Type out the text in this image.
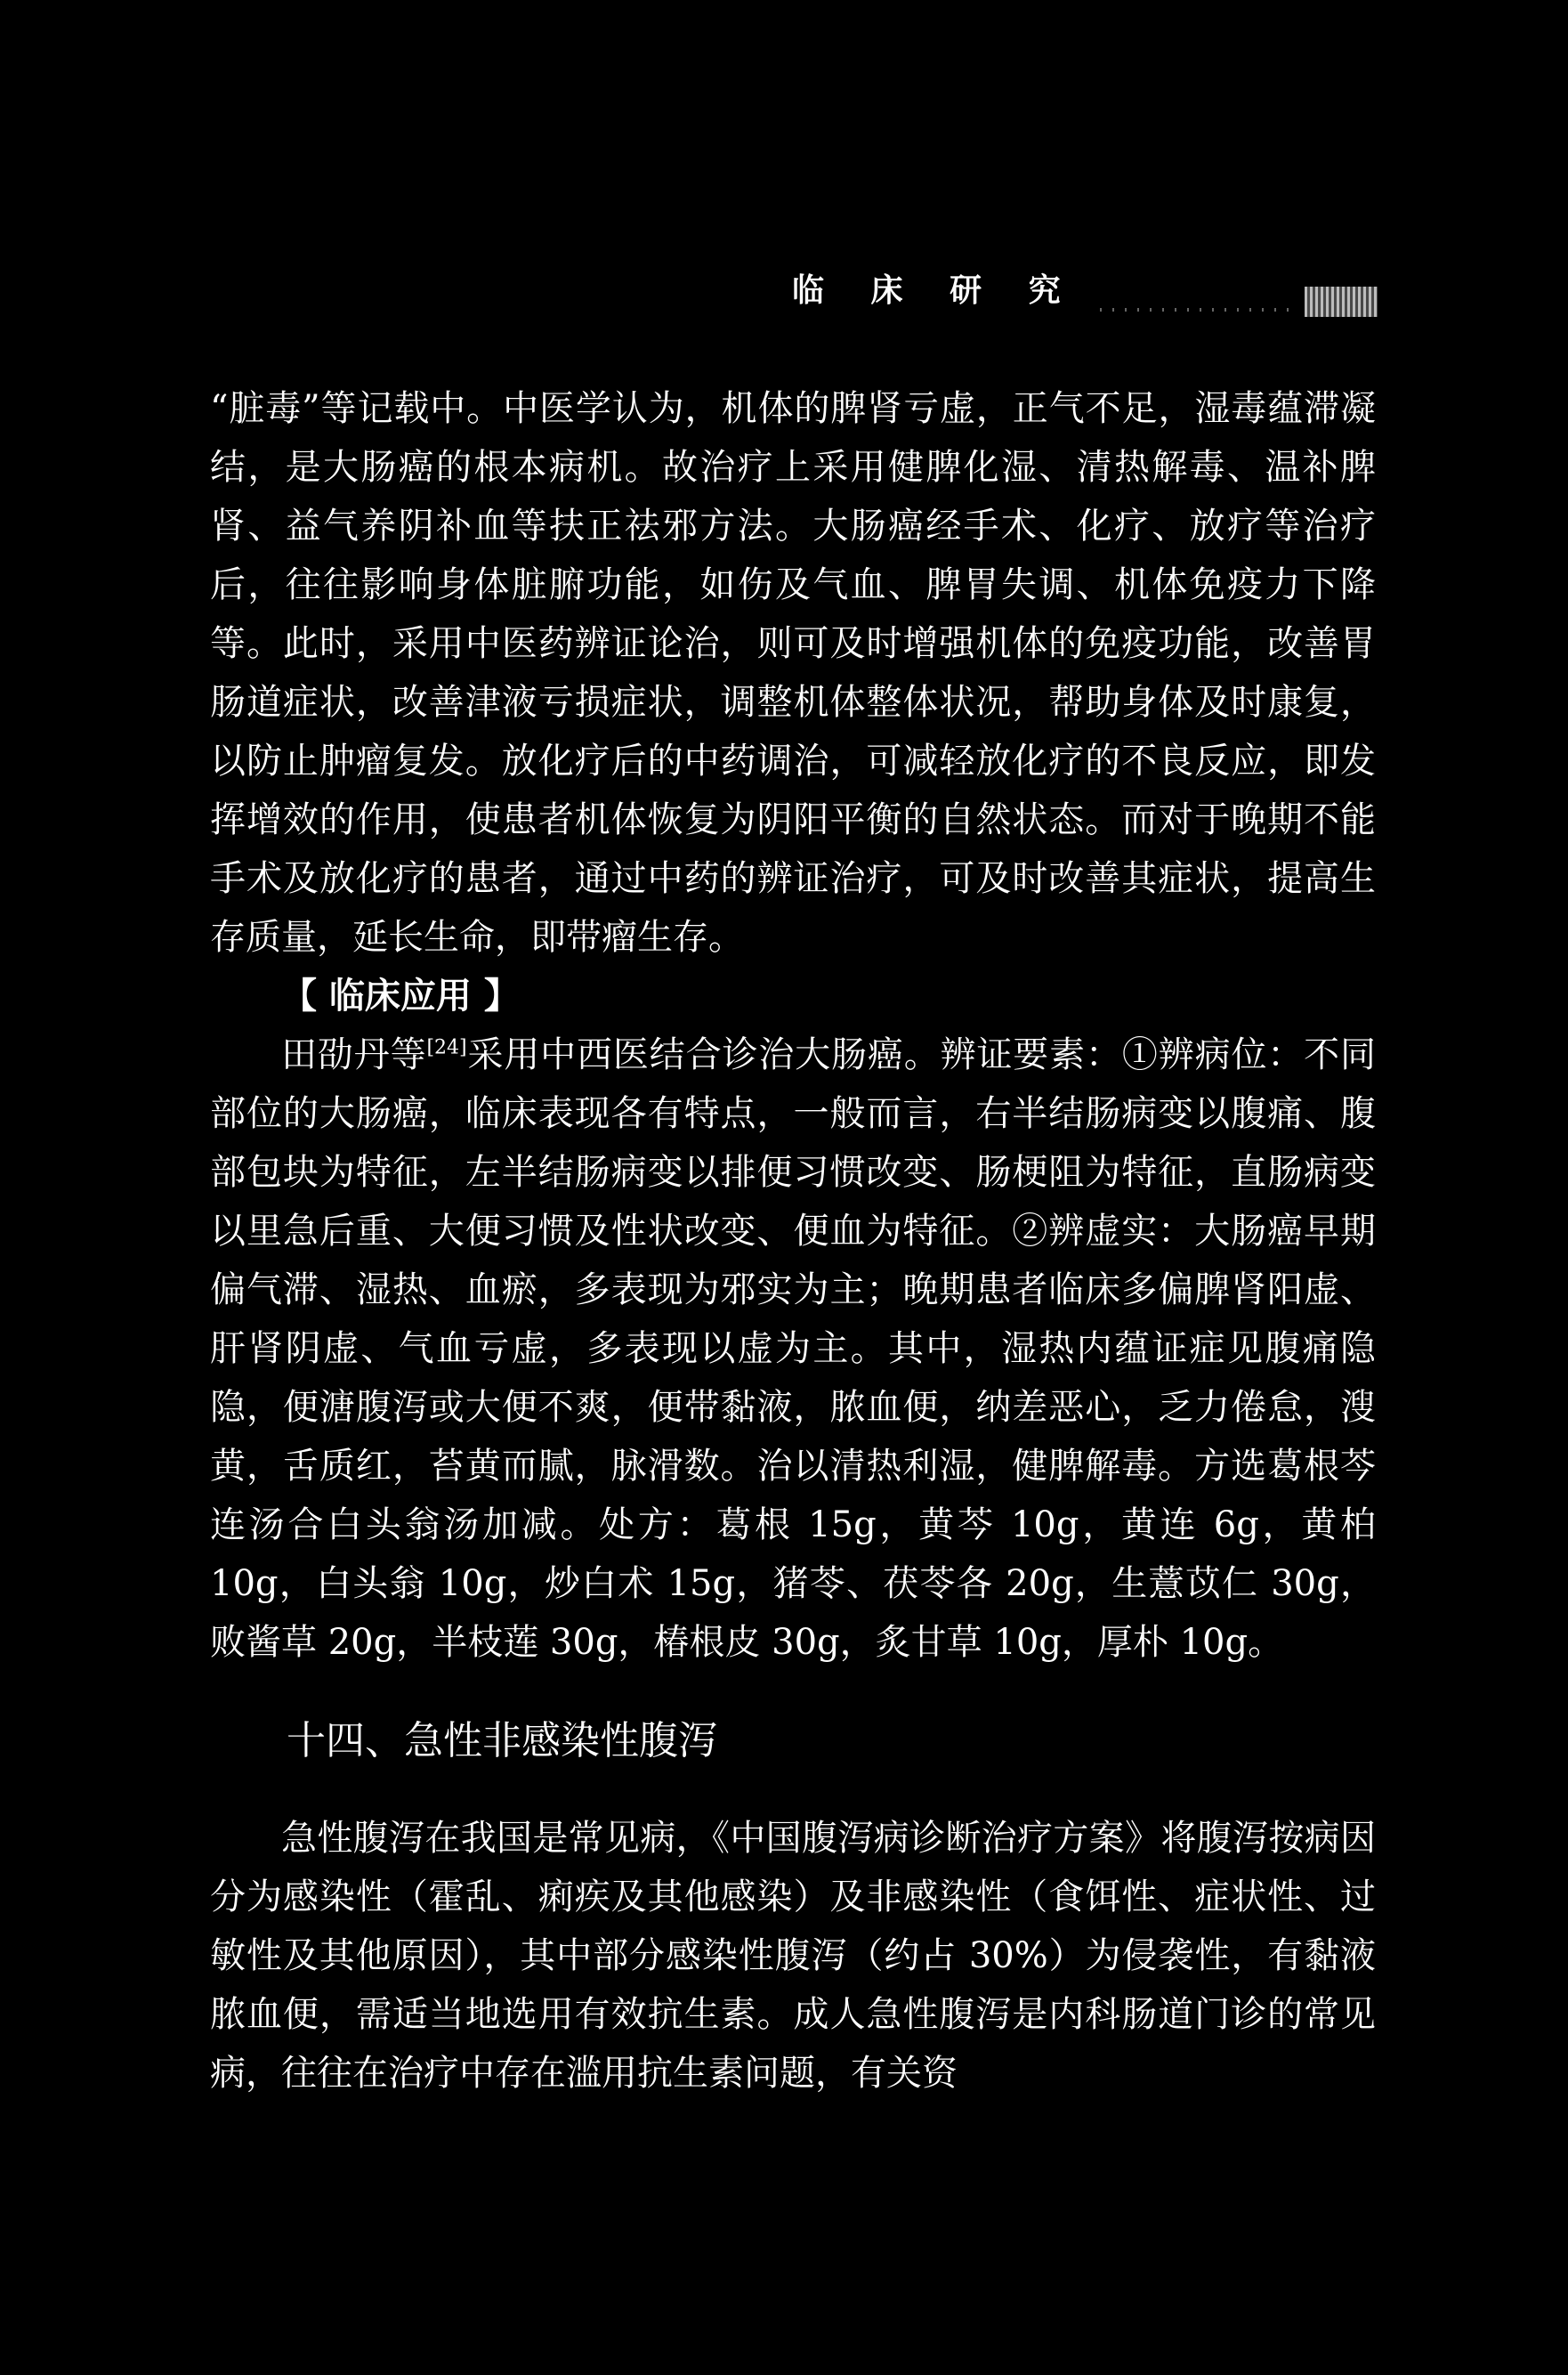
临 床 研 究

“脏毒”等记载中。中医学认为，机体的脾肾亏虚，正气不足，湿毒蕴滞凝结，是大肠癌的根本病机。故治疗上采用健脾化湿、清热解毒、温补脾肾、益气养阴补血等扶正祛邪方法。大肠癌经手术、化疗、放疗等治疗后，往往影响身体脏腑功能，如伤及气血、脾胃失调、机体免疫力下降等。此时，采用中医药辨证论治，则可及时增强机体的免疫功能，改善胃肠道症状，改善津液亏损症状，调整机体整体状况，帮助身体及时康复，以防止肿瘤复发。放化疗后的中药调治，可减轻放化疗的不良反应，即发挥增效的作用，使患者机体恢复为阴阳平衡的自然状态。而对于晚期不能手术及放化疗的患者，通过中药的辨证治疗，可及时改善其症状，提高生存质量，延长生命，即带瘤生存。

【 临床应用 】

田劭丹等[24]采用中西医结合诊治大肠癌。辨证要素：①辨病位：不同部位的大肠癌，临床表现各有特点，一般而言，右半结肠病变以腹痛、腹部包块为特征，左半结肠病变以排便习惯改变、肠梗阻为特征，直肠病变以里急后重、大便习惯及性状改变、便血为特征。②辨虚实：大肠癌早期偏气滞、湿热、血瘀，多表现为邪实为主；晚期患者临床多偏脾肾阳虚、肝肾阴虚、气血亏虚，多表现以虚为主。其中，湿热内蕴证症见腹痛隐隐，便溏腹泻或大便不爽，便带黏液，脓血便，纳差恶心，乏力倦怠，溲黄，舌质红，苔黄而腻，脉滑数。治以清热利湿，健脾解毒。方选葛根芩连汤合白头翁汤加减。处方：葛根 15g，黄芩 10g，黄连 6g，黄柏 10g，白头翁 10g，炒白术 15g，猪苓、茯苓各 20g，生薏苡仁 30g，败酱草 20g，半枝莲 30g，椿根皮 30g，炙甘草 10g，厚朴 10g。

十四、急性非感染性腹泻

急性腹泻在我国是常见病，《中国腹泻病诊断治疗方案》将腹泻按病因分为感染性（霍乱、痢疾及其他感染）及非感染性（食饵性、症状性、过敏性及其他原因），其中部分感染性腹泻（约占 30%）为侵袭性，有黏液脓血便，需适当地选用有效抗生素。成人急性腹泻是内科肠道门诊的常见病，往往在治疗中存在滥用抗生素问题，有关资
